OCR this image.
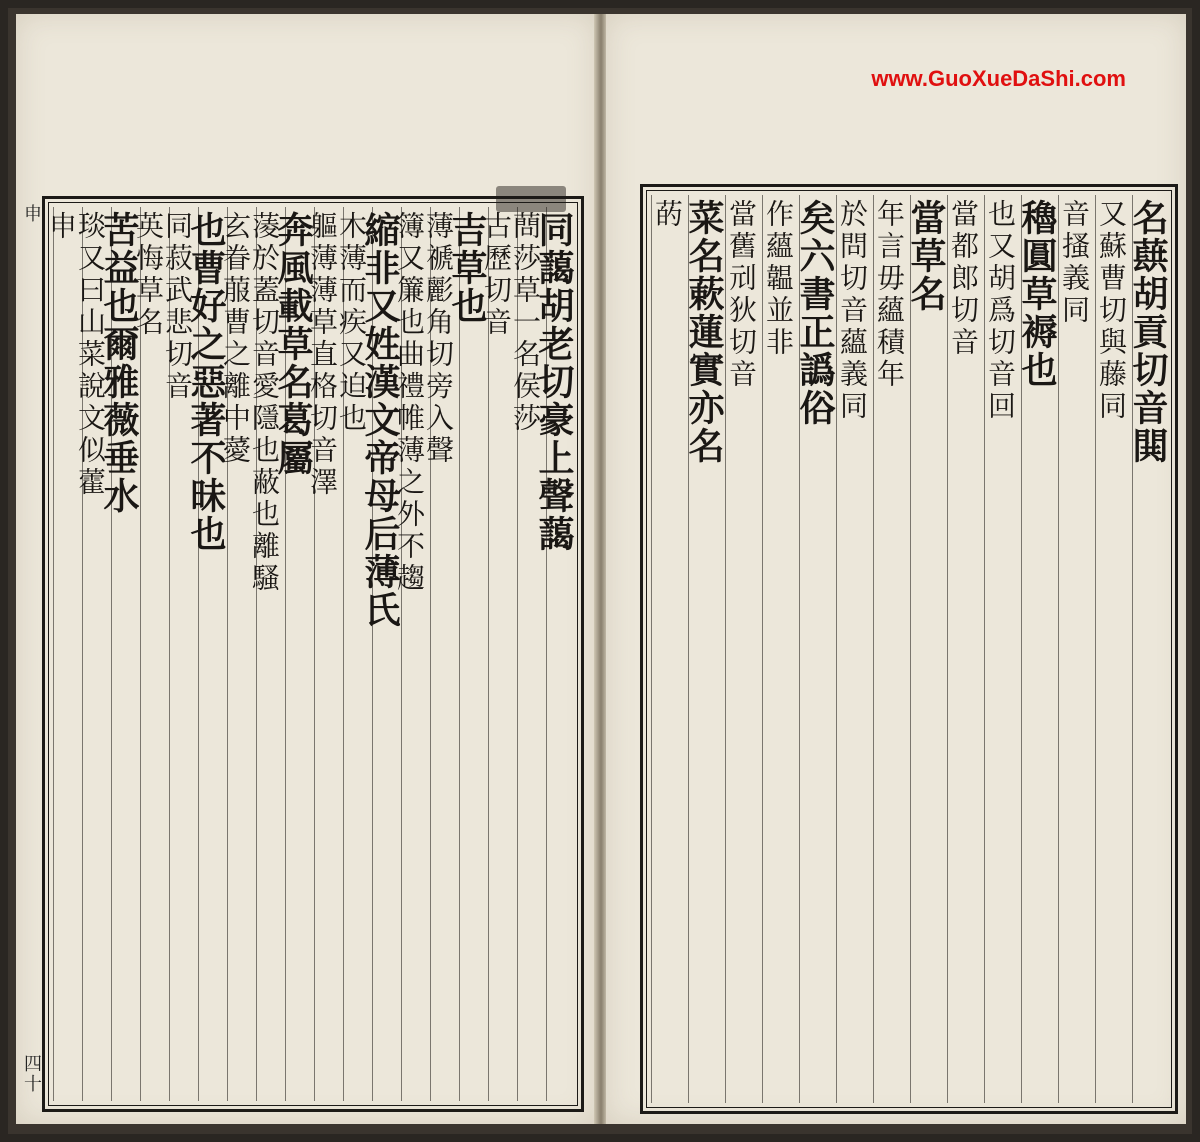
同藹胡老切豪上聲藹
蔄莎草一名侯莎
古歷切音
吉草也
薄禠彲角切旁入聲
簿又簾也曲禮帷薄之外不趨
縮非又姓漢文帝母后薄氏
木薄而疾又迫也
軀薄薄草直格切音澤
奔風載草名葛屬
蓤於蓋切音愛隱也蔽也離騷
玄眷菔曹之離中薆
也曹好之惡著不昧也
同菽武悲切音
英悔草名
苦益也爾雅薇垂水
琰又曰山菜說文似藿
申
申
四十
www.GuoXueDaShi.com
名蕻胡貢切音閧
又蘇曹切與藤同
音搔義同
穭圓草褥也
也又胡爲切音回
當都郎切音
當草名
年言毋蘊積年
於問切音蘊義同
矣六書正譌俗
作蘊韞並非
當舊刓狄切音
菜名蔌蓮實亦名
菂
